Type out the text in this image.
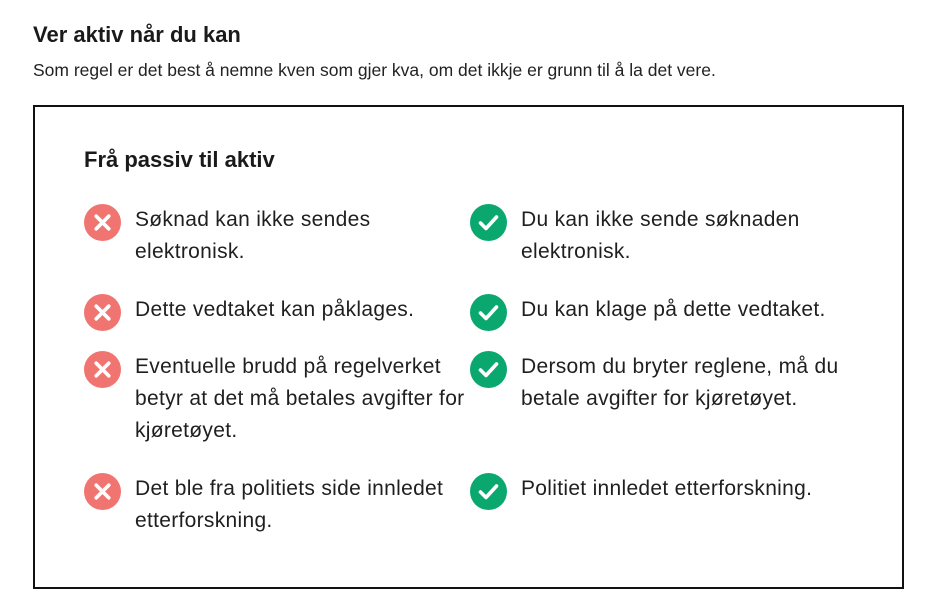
Ver aktiv når du kan

Som regel er det best å nemne kven som gjer kva, om det ikkje er grunn til å la det vere.

Frå passiv til aktiv
Søknad kan ikke sendes elektronisk.
Du kan ikke sende søknaden elektronisk.
Dette vedtaket kan påklages.	Du kan klage på dette vedtaket.
Eventuelle brudd på regelverket betyr at det må betales avgifter for kjøretøyet.
Dersom du bryter reglene, må du betale avgifter for kjøretøyet.
Det ble fra politiets side innledet etterforskning.
Politiet innledet etterforskning.
